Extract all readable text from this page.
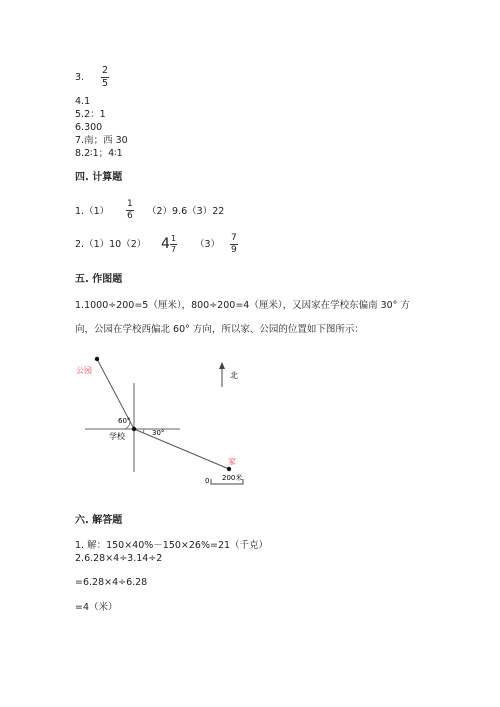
3. $\frac{2}{5}$
4.1
5.2：1
6.300
7.南；西 30
8.2∶1；4∶1
四. 计算题
$1.(1) \frac{1}{6} (2)9.6(3)22$
2.（1）10（2） $4 \frac{1}{7} (3) \frac{7}{9}$
五. 作图题
1.1000÷200=5（厘米），800÷200=4（厘米），又因家在学校东偏南 30° 方
向，公园在学校西偏北 60° 方向，所以家、公园的位置如下图所示：
公园
60°
学校	30°
北
家
0 200米
六. 解答题
1. 解：150×40%－150×26%=21（千克）
2.6.28×4÷3.14÷2
=6.28×4÷6.28
=4（米）
